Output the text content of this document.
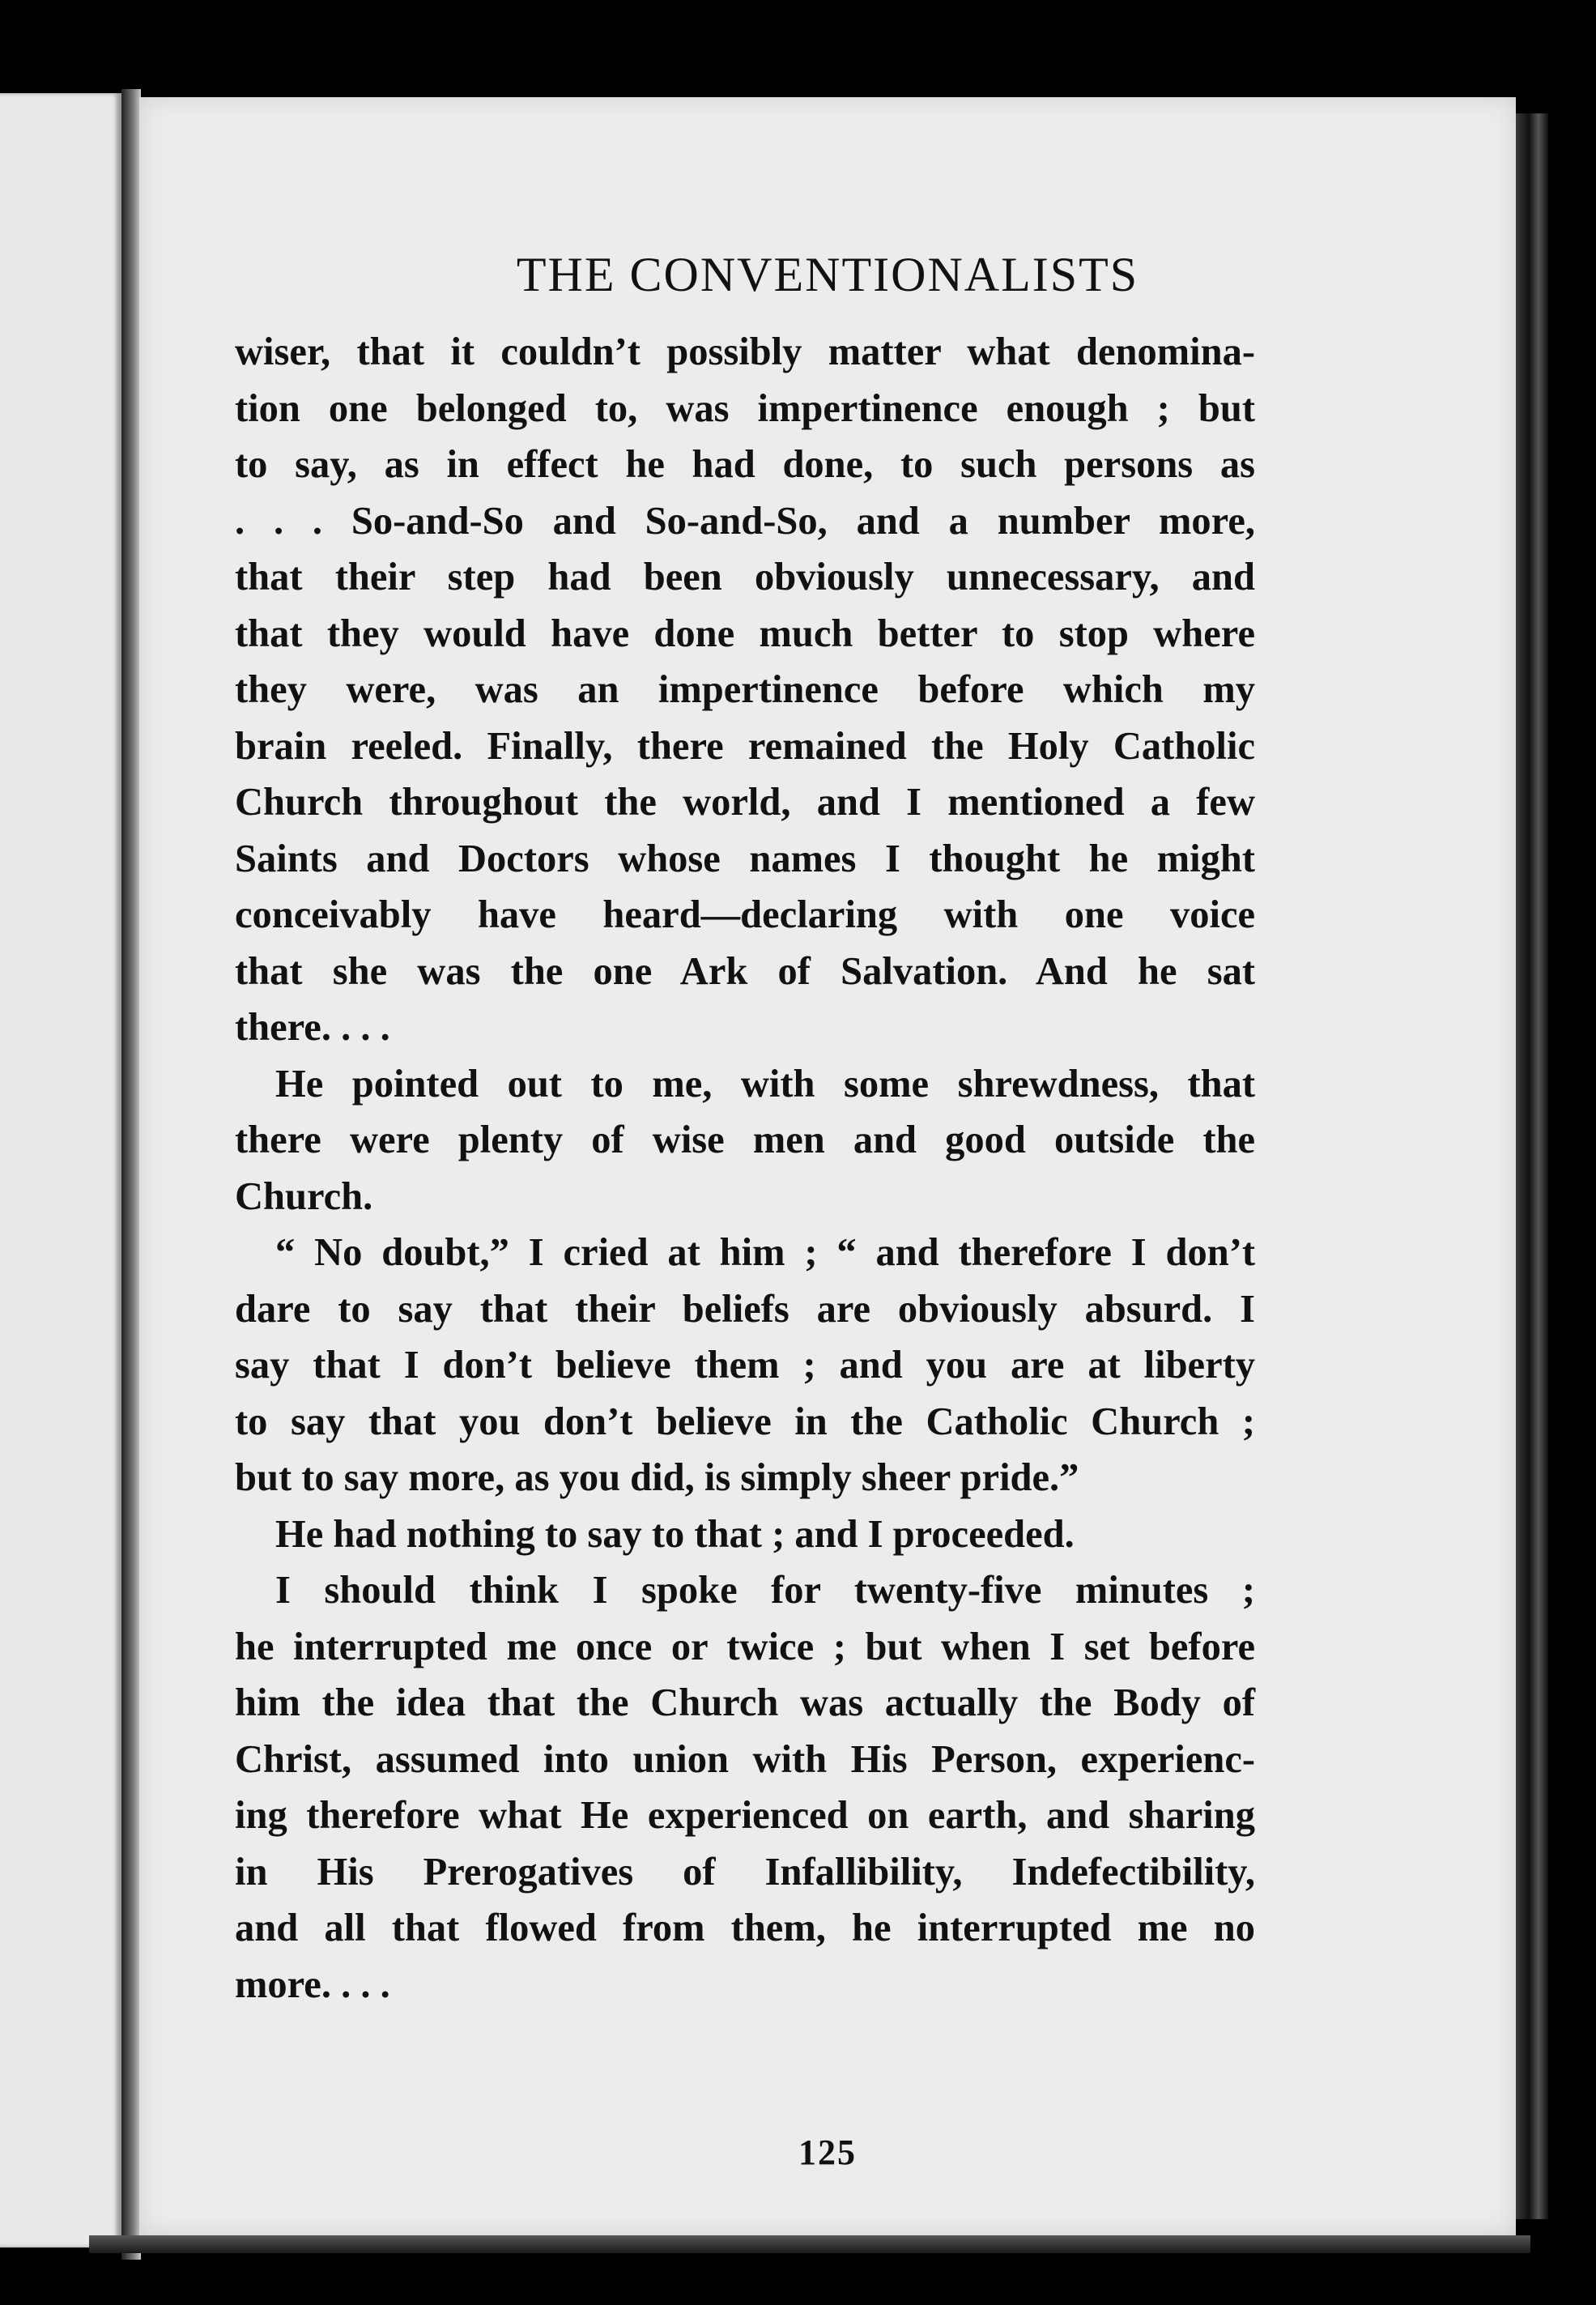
THE CONVENTIONALISTS
wiser, that it couldn’t possibly matter what denomina-
tion one belonged to, was impertinence enough ; but
to say, as in effect he had done, to such persons as
. . . So-and-So and So-and-So, and a number more,
that their step had been obviously unnecessary, and
that they would have done much better to stop where
they were, was an impertinence before which my
brain reeled. Finally, there remained the Holy Catholic
Church throughout the world, and I mentioned a few
Saints and Doctors whose names I thought he might
conceivably have heard—declaring with one voice
that she was the one Ark of Salvation. And he sat
there. . . .
He pointed out to me, with some shrewdness, that
there were plenty of wise men and good outside the
Church.
“ No doubt,” I cried at him ; “ and therefore I don’t
dare to say that their beliefs are obviously absurd. I
say that I don’t believe them ; and you are at liberty
to say that you don’t believe in the Catholic Church ;
but to say more, as you did, is simply sheer pride.”
He had nothing to say to that ; and I proceeded.
I should think I spoke for twenty-five minutes ;
he interrupted me once or twice ; but when I set before
him the idea that the Church was actually the Body of
Christ, assumed into union with His Person, experienc-
ing therefore what He experienced on earth, and sharing
in His Prerogatives of Infallibility, Indefectibility,
and all that flowed from them, he interrupted me no
more. . . .
125
